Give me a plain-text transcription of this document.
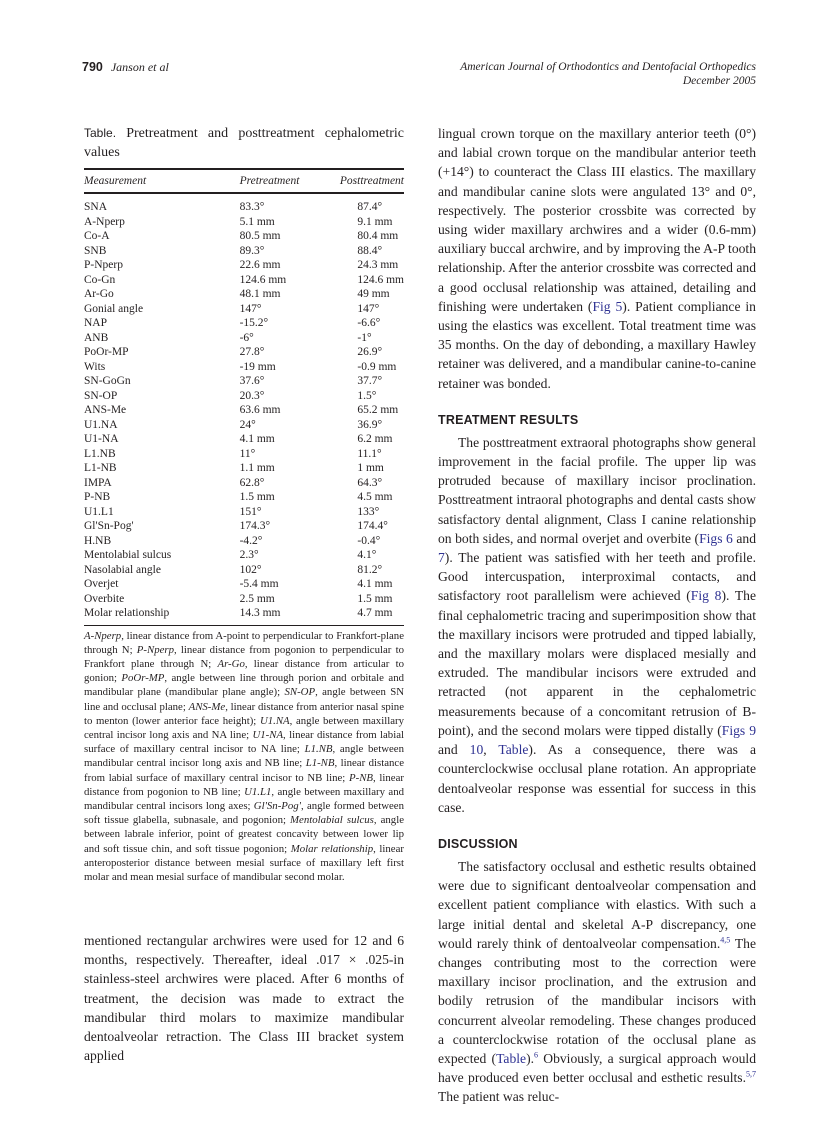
790 Janson et al	American Journal of Orthodontics and Dentofacial Orthopedics
December 2005

Table. Pretreatment and posttreatment cephalometric values

Measurement	Pretreatment	Posttreatment

SNA	83.3°	87.4°
A-Nperp	5.1 mm	9.1 mm
Co-A	80.5 mm	80.4 mm
SNB	89.3°	88.4°
P-Nperp	22.6 mm	24.3 mm
Co-Gn	124.6 mm	124.6 mm
Ar-Go	48.1 mm	49 mm
Gonial angle	147°	147°
NAP	-15.2°	-6.6°
ANB	-6°	-1°
PoOr-MP	27.8°	26.9°
Wits	-19 mm	-0.9 mm
SN-GoGn	37.6°	37.7°
SN-OP	20.3°	1.5°
ANS-Me	63.6 mm	65.2 mm
U1.NA	24°	36.9°
U1-NA	4.1 mm	6.2 mm
L1.NB	11°	11.1°
L1-NB	1.1 mm	1 mm
IMPA	62.8°	64.3°
P-NB	1.5 mm	4.5 mm
U1.L1	151°	133°
Gl'Sn-Pog'	174.3°	174.4°
H.NB	-4.2°	-0.4°
Mentolabial sulcus	2.3°	4.1°
Nasolabial angle	102°	81.2°
Overjet	-5.4 mm	4.1 mm
Overbite	2.5 mm	1.5 mm
Molar relationship	14.3 mm	4.7 mm
A-Nperp, linear distance from A-point to perpendicular to Frankfort-plane through N; P-Nperp, linear distance from pogonion to perpendicular to Frankfort plane through N; Ar-Go, linear distance from articular to gonion; PoOr-MP, angle between line through porion and orbitale and mandibular plane (mandibular plane angle); SN-OP, angle between SN line and occlusal plane; ANS-Me, linear distance from anterior nasal spine to menton (lower anterior face height); U1.NA, angle between maxillary central incisor long axis and NA line; U1-NA, linear distance from labial surface of maxillary central incisor to NA line; L1.NB, angle between mandibular central incisor long axis and NB line; L1-NB, linear distance from labial surface of maxillary central incisor to NB line; P-NB, linear distance from pogonion to NB line; U1.L1, angle between maxillary and mandibular central incisors long axes; Gl'Sn-Pog', angle formed between soft tissue glabella, subnasale, and pogonion; Mentolabial sulcus, angle between labrale inferior, point of greatest concavity between lower lip and soft tissue chin, and soft tissue pogonion; Molar relationship, linear anteroposterior distance between mesial surface of maxillary left first molar and mean mesial surface of mandibular second molar.

mentioned rectangular archwires were used for 12 and 6 months, respectively. Thereafter, ideal .017 × .025-in stainless-steel archwires were placed. After 6 months of treatment, the decision was made to extract the mandibular third molars to maximize mandibular dentoalveolar retraction. The Class III bracket system applied

lingual crown torque on the maxillary anterior teeth (0°) and labial crown torque on the mandibular anterior teeth (+14°) to counteract the Class III elastics. The maxillary and mandibular canine slots were angulated 13° and 0°, respectively. The posterior crossbite was corrected by using wider maxillary archwires and a wider (0.6-mm) auxiliary buccal archwire, and by improving the A-P tooth relationship. After the anterior crossbite was corrected and a good occlusal relationship was attained, detailing and finishing were undertaken (Fig 5). Patient compliance in using the elastics was excellent. Total treatment time was 35 months. On the day of debonding, a maxillary Hawley retainer was delivered, and a mandibular canine-to-canine retainer was bonded.

TREATMENT RESULTS

The posttreatment extraoral photographs show general improvement in the facial profile. The upper lip was protruded because of maxillary incisor proclination. Posttreatment intraoral photographs and dental casts show satisfactory dental alignment, Class I canine relationship on both sides, and normal overjet and overbite (Figs 6 and 7). The patient was satisfied with her teeth and profile. Good intercuspation, interproximal contacts, and satisfactory root parallelism were achieved (Fig 8). The final cephalometric tracing and superimposition show that the maxillary incisors were protruded and tipped labially, and the maxillary molars were displaced mesially and extruded. The mandibular incisors were extruded and retracted (not apparent in the cephalometric measurements because of a concomitant retrusion of B-point), and the second molars were tipped distally (Figs 9 and 10, Table). As a consequence, there was a counterclockwise occlusal plane rotation. An appropriate dentoalveolar response was essential for success in this case.

DISCUSSION

The satisfactory occlusal and esthetic results obtained were due to significant dentoalveolar compensation and excellent patient compliance with elastics. With such a large initial dental and skeletal A-P discrepancy, one would rarely think of dentoalveolar compensation.$^{4,5}$ The changes contributing most to the correction were maxillary incisor proclination, and the extrusion and bodily retrusion of the mandibular incisors with concurrent alveolar remodeling. These changes produced a counterclockwise rotation of the occlusal plane as expected (Table).$^6$ Obviously, a surgical approach would have produced even better occlusal and esthetic results.$^{5,7}$ The patient was reluc-
